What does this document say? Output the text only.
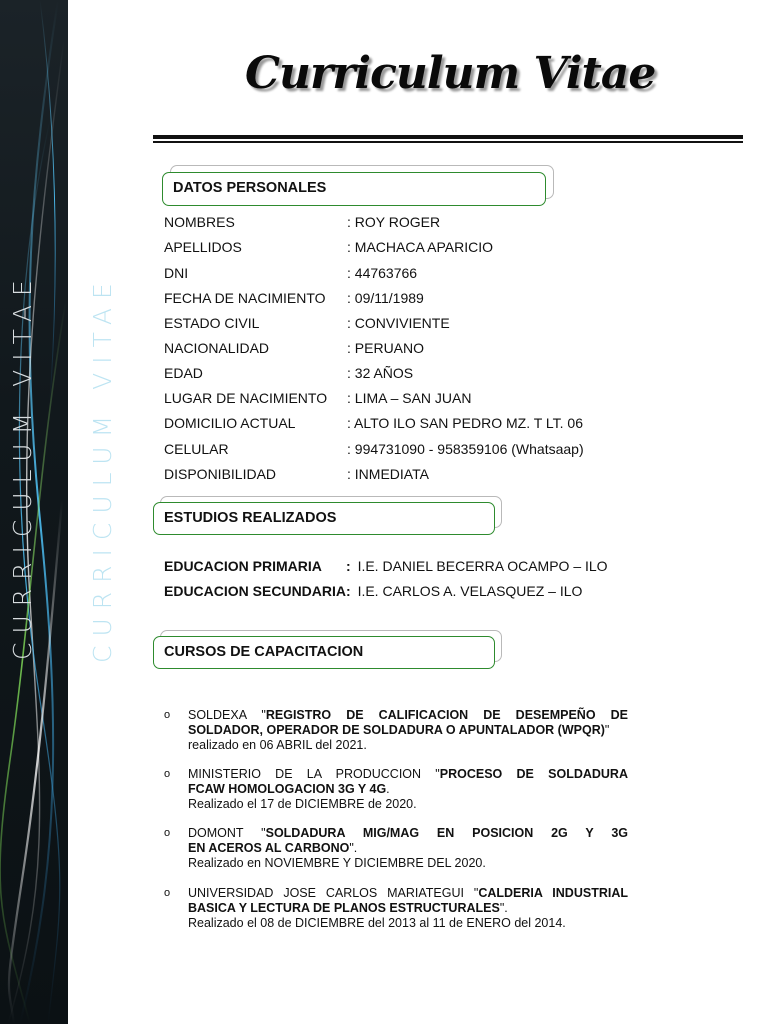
CURRICULUM VITAE CURRICULUM VITAE
Curriculum Vitae
DATOS PERSONALES
NOMBRES	: ROY ROGER
APELLIDOS	: MACHACA APARICIO
DNI	: 44763766
FECHA DE NACIMIENTO : 09/11/1989
ESTADO CIVIL	: CONVIVIENTE
NACIONALIDAD	: PERUANO
EDAD	: 32 AÑOS
LUGAR DE NACIMIENTO : LIMA – SAN JUAN
DOMICILIO ACTUAL	: ALTO ILO SAN PEDRO MZ. T LT. 06
CELULAR	: 994731090 - 958359106 (Whatsaap)
DISPONIBILIDAD	: INMEDIATA
ESTUDIOS REALIZADOS
EDUCACION PRIMARIA : I.E. DANIEL BECERRA OCAMPO – ILO
EDUCACION SECUNDARIA : I.E. CARLOS A. VELASQUEZ – ILO
CURSOS DE CAPACITACION
o SOLDEXA "REGISTRO DE CALIFICACION DE DESEMPEÑO DE
SOLDADOR, OPERADOR DE SOLDADURA O APUNTALADOR (WPQR)"
realizado en 06 ABRIL del 2021.
o MINISTERIO DE LA PRODUCCION "PROCESO DE SOLDADURA
FCAW HOMOLOGACION 3G Y 4G.
Realizado el 17 de DICIEMBRE de 2020.
o DOMONT "SOLDADURA MIG/MAG EN POSICION 2G Y 3G
EN ACEROS AL CARBONO".
Realizado en NOVIEMBRE Y DICIEMBRE DEL 2020.
o UNIVERSIDAD JOSE CARLOS MARIATEGUI "CALDERIA INDUSTRIAL
BASICA Y LECTURA DE PLANOS ESTRUCTURALES".
Realizado el 08 de DICIEMBRE del 2013 al 11 de ENERO del 2014.
